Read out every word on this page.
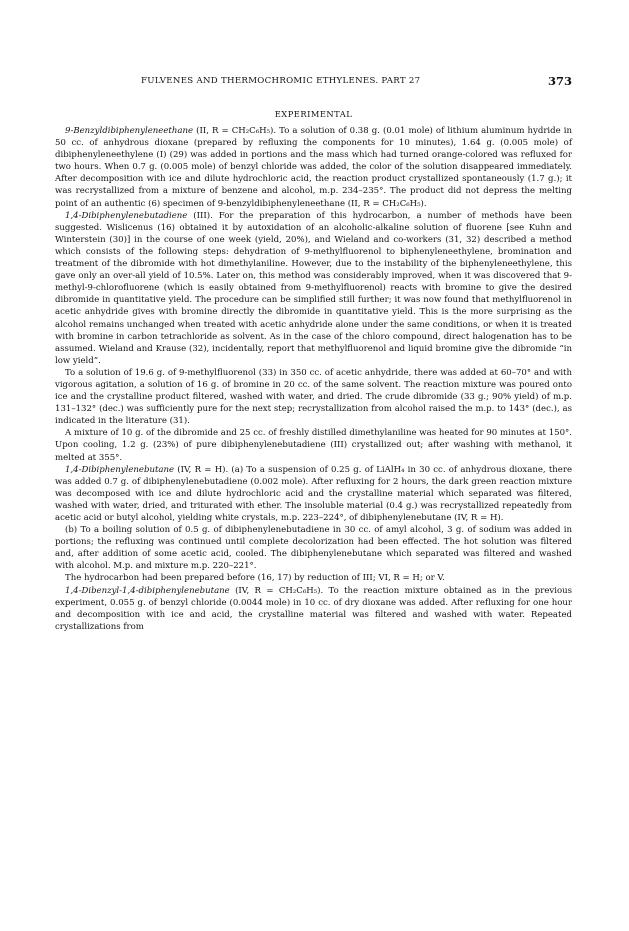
FULVENES AND THERMOCHROMIC ETHYLENES. PART 27	373
EXPERIMENTAL

9-Benzyldibiphenyleneethane (II, R = CH₂C₆H₅). To a solution of 0.38 g. (0.01 mole) of lithium aluminum hydride in 50 cc. of anhydrous dioxane (prepared by refluxing the components for 10 minutes), 1.64 g. (0.005 mole) of dibiphenyleneethylene (I) (29) was added in portions and the mass which had turned orange-colored was refluxed for two hours. When 0.7 g. (0.005 mole) of benzyl chloride was added, the color of the solution disappeared immediately. After decomposition with ice and dilute hydrochloric acid, the reaction product crystallized spontaneously (1.7 g.); it was recrystallized from a mixture of benzene and alcohol, m.p. 234–235°. The product did not depress the melting point of an authentic (6) specimen of 9-benzyldibiphenyleneethane (II, R = CH₂C₆H₅).

1,4-Dibiphenylenebutadiene (III). For the preparation of this hydrocarbon, a number of methods have been suggested. Wislicenus (16) obtained it by autoxidation of an alcoholic-alkaline solution of fluorene [see Kuhn and Winterstein (30)] in the course of one week (yield, 20%), and Wieland and co-workers (31, 32) described a method which consists of the following steps: dehydration of 9-methylfluorenol to biphenyleneethylene, bromination and treatment of the dibromide with hot dimethylaniline. However, due to the instability of the biphenyleneethylene, this gave only an over-all yield of 10.5%. Later on, this method was considerably improved, when it was discovered that 9-methyl-9-chlorofluorene (which is easily obtained from 9-methylfluorenol) reacts with bromine to give the desired dibromide in quantitative yield. The procedure can be simplified still further; it was now found that methylfluorenol in acetic anhydride gives with bromine directly the dibromide in quantitative yield. This is the more surprising as the alcohol remains unchanged when treated with acetic anhydride alone under the same conditions, or when it is treated with bromine in carbon tetrachloride as solvent. As in the case of the chloro compound, direct halogenation has to be assumed. Wieland and Krause (32), incidentally, report that methylfluorenol and liquid bromine give the dibromide “in low yield”.

To a solution of 19.6 g. of 9-methylfluorenol (33) in 350 cc. of acetic anhydride, there was added at 60–70° and with vigorous agitation, a solution of 16 g. of bromine in 20 cc. of the same solvent. The reaction mixture was poured onto ice and the crystalline product filtered, washed with water, and dried. The crude dibromide (33 g.; 90% yield) of m.p. 131–132° (dec.) was sufficiently pure for the next step; recrystallization from alcohol raised the m.p. to 143° (dec.), as indicated in the literature (31).

A mixture of 10 g. of the dibromide and 25 cc. of freshly distilled dimethylaniline was heated for 90 minutes at 150°. Upon cooling, 1.2 g. (23%) of pure dibiphenylenebutadiene (III) crystallized out; after washing with methanol, it melted at 355°.

1,4-Dibiphenylenebutane (IV, R = H). (a) To a suspension of 0.25 g. of LiAlH₄ in 30 cc. of anhydrous dioxane, there was added 0.7 g. of dibiphenylenebutadiene (0.002 mole). After refluxing for 2 hours, the dark green reaction mixture was decomposed with ice and dilute hydrochloric acid and the crystalline material which separated was filtered, washed with water, dried, and triturated with ether. The insoluble material (0.4 g.) was recrystallized repeatedly from acetic acid or butyl alcohol, yielding white crystals, m.p. 223–224°, of dibiphenylenebutane (IV, R = H).

(b) To a boiling solution of 0.5 g. of dibiphenylenebutadiene in 30 cc. of amyl alcohol, 3 g. of sodium was added in portions; the refluxing was continued until complete decolorization had been effected. The hot solution was filtered and, after addition of some acetic acid, cooled. The dibiphenylenebutane which separated was filtered and washed with alcohol. M.p. and mixture m.p. 220–221°.

The hydrocarbon had been prepared before (16, 17) by reduction of III; VI, R = H; or V.

1,4-Dibenzyl-1,4-dibiphenylenebutane (IV, R = CH₂C₆H₅). To the reaction mixture obtained as in the previous experiment, 0.055 g. of benzyl chloride (0.0044 mole) in 10 cc. of dry dioxane was added. After refluxing for one hour and decomposition with ice and acid, the crystalline material was filtered and washed with water. Repeated crystallizations from
